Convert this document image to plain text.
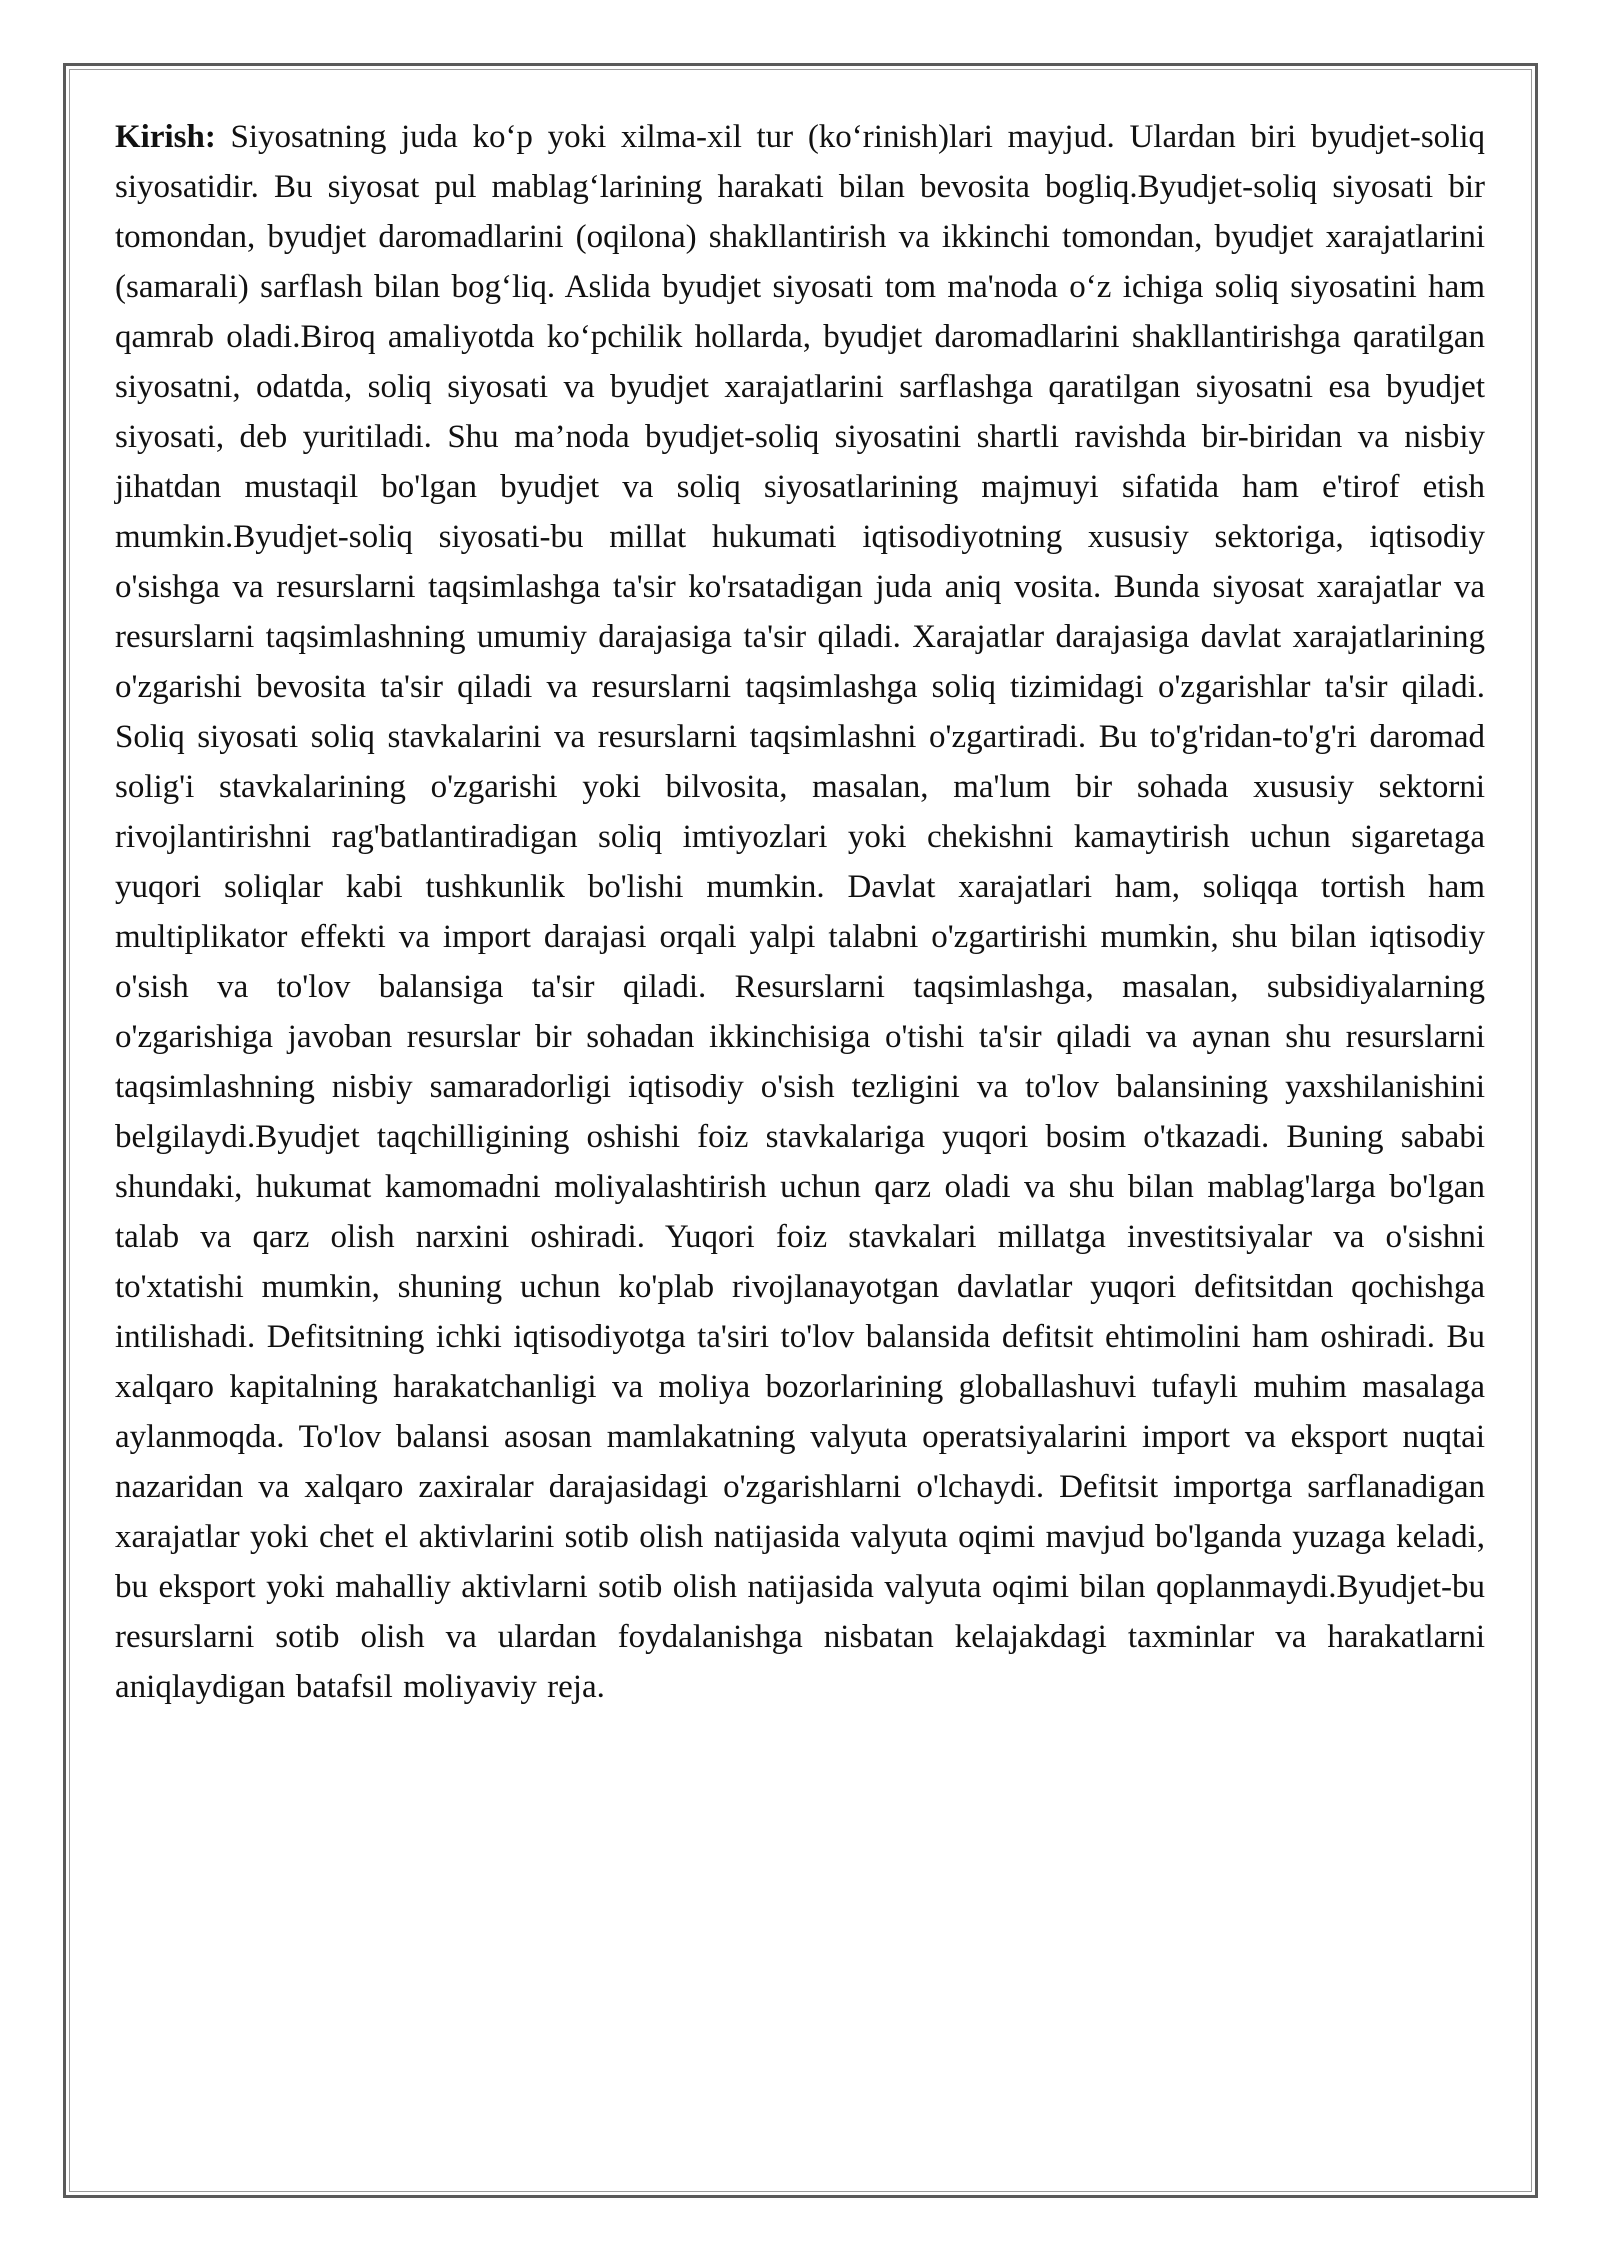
Kirish: Siyosatning juda ko‘p yoki xilma-xil tur (ko‘rinish)lari mayjud. Ulardan biri byudjet-soliq siyosatidir. Bu siyosat pul mablag‘larining harakati bilan bevosita bogliq.Byudjet-soliq siyosati bir tomondan, byudjet daromadlarini (oqilona) shakllantirish va ikkinchi tomondan, byudjet xarajatlarini (samarali) sarflash bilan bog‘liq. Aslida byudjet siyosati tom ma'noda o‘z ichiga soliq siyosatini ham qamrab oladi.Biroq amaliyotda ko‘pchilik hollarda, byudjet daromadlarini shakllantirishga qaratilgan siyosatni, odatda, soliq siyosati va byudjet xarajatlarini sarflashga qaratilgan siyosatni esa byudjet siyosati, deb yuritiladi. Shu ma’noda byudjet-soliq siyosatini shartli ravishda bir-biridan va nisbiy jihatdan mustaqil bo'lgan byudjet va soliq siyosatlarining majmuyi sifatida ham e'tirof etish mumkin.Byudjet-soliq siyosati-bu millat hukumati iqtisodiyotning xususiy sektoriga, iqtisodiy o'sishga va resurslarni taqsimlashga ta'sir ko'rsatadigan juda aniq vosita. Bunda siyosat xarajatlar va resurslarni taqsimlashning umumiy darajasiga ta'sir qiladi. Xarajatlar darajasiga davlat xarajatlarining o'zgarishi bevosita ta'sir qiladi va resurslarni taqsimlashga soliq tizimidagi o'zgarishlar ta'sir qiladi. Soliq siyosati soliq stavkalarini va resurslarni taqsimlashni o'zgartiradi. Bu to'g'ridan-to'g'ri daromad solig'i stavkalarining o'zgarishi yoki bilvosita, masalan, ma'lum bir sohada xususiy sektorni rivojlantirishni rag'batlantiradigan soliq imtiyozlari yoki chekishni kamaytirish uchun sigaretaga yuqori soliqlar kabi tushkunlik bo'lishi mumkin. Davlat xarajatlari ham, soliqqa tortish ham multiplikator effekti va import darajasi orqali yalpi talabni o'zgartirishi mumkin, shu bilan iqtisodiy o'sish va to'lov balansiga ta'sir qiladi. Resurslarni taqsimlashga, masalan, subsidiyalarning o'zgarishiga javoban resurslar bir sohadan ikkinchisiga o'tishi ta'sir qiladi va aynan shu resurslarni taqsimlashning nisbiy samaradorligi iqtisodiy o'sish tezligini va to'lov balansining yaxshilanishini belgilaydi.Byudjet taqchilligining oshishi foiz stavkalariga yuqori bosim o'tkazadi. Buning sababi shundaki, hukumat kamomadni moliyalashtirish uchun qarz oladi va shu bilan mablag'larga bo'lgan talab va qarz olish narxini oshiradi. Yuqori foiz stavkalari millatga investitsiyalar va o'sishni to'xtatishi mumkin, shuning uchun ko'plab rivojlanayotgan davlatlar yuqori defitsitdan qochishga intilishadi. Defitsitning ichki iqtisodiyotga ta'siri to'lov balansida defitsit ehtimolini ham oshiradi. Bu xalqaro kapitalning harakatchanligi va moliya bozorlarining globallashuvi tufayli muhim masalaga aylanmoqda. To'lov balansi asosan mamlakatning valyuta operatsiyalarini import va eksport nuqtai nazaridan va xalqaro zaxiralar darajasidagi o'zgarishlarni o'lchaydi. Defitsit importga sarflanadigan xarajatlar yoki chet el aktivlarini sotib olish natijasida valyuta oqimi mavjud bo'lganda yuzaga keladi, bu eksport yoki mahalliy aktivlarni sotib olish natijasida valyuta oqimi bilan qoplanmaydi.Byudjet-bu resurslarni sotib olish va ulardan foydalanishga nisbatan kelajakdagi taxminlar va harakatlarni aniqlaydigan batafsil moliyaviy reja.
